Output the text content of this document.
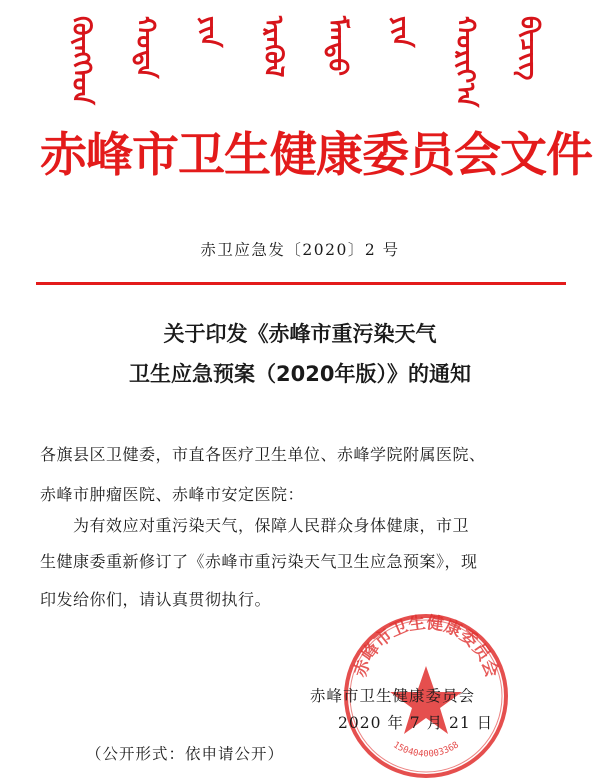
ᠬᠥᠩᠬᠡᠳ ᠬᠣᠲᠠ ᠶᠢᠨ ᠡᠷᠡᠭᠦᠯ ᠮᠡᠨᠳᠦ ᠶᠢᠨ ᠬᠣᠷᠢᠶ᠎ᠠ ᠪᠢᠴᠢᠭ
赤峰市卫生健康委员会文件
赤卫应急发〔2020〕2 号
关于印发《赤峰市重污染天气
卫生应急预案（2020年版）》的通知
各旗县区卫健委，市直各医疗卫生单位、赤峰学院附属医院、
赤峰市肿瘤医院、赤峰市安定医院：
为有效应对重污染天气，保障人民群众身体健康，市卫
生健康委重新修订了《赤峰市重污染天气卫生应急预案》，现
印发给你们，请认真贯彻执行。
赤峰市卫生健康委员会
1504040003368
赤峰市卫生健康委员会
2020 年 7 月 21 日
（公开形式：依申请公开）
